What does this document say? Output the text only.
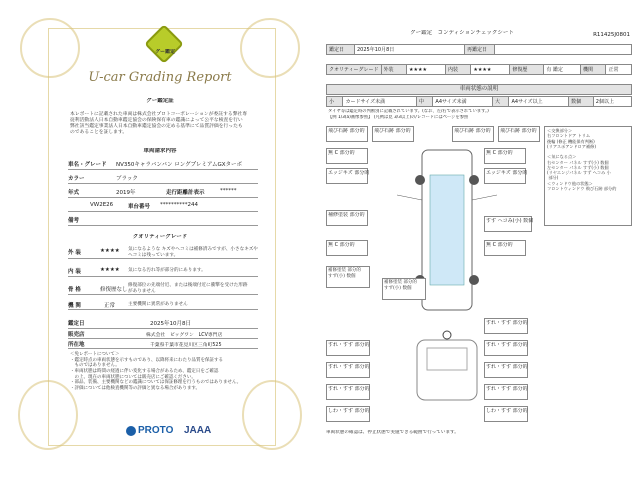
グー鑑定
U-car Grading Report
グー鑑定証
本レポートに記載された車両は株式会社プロトコーポレーションが委託する弊社専
従利活動法人日本自動車鑑定協会の保険保有車の鑑識によって公平な検査を行い
弊社該当鑑定事業法人日本自動車鑑定協会の定める基準にて品質評価を行ったも
のであることを証します。
車両請求内容
車名・グレード NV350キャラバンバン ロングプレミアムGXターボ
カラー	ブラック
年式	2019年	走行距離計表示	******
VW2E26	車台番号 **********244
備考
クオリティーグレード
外 装	★★★★ 気になるような キズやヘコミは補修済みですが、小さなキズや
ヘコミは残っています。
内 装	★★★★ 気になる汚れ等が部分的にあります。
骨 格	修復歴なし
修復部位の先端付近、または後端付近に衝撃を受けた形跡
がありません
機 関	正常	主要機関に異常がありません
鑑定日	2025年10月8日
販売店	株式会社　ビッグワン　LCV専門店
所在地	千葉県千葉市花見川区三角町525
＜免レポートについて＞
・鑑定時点の車両状態を示すものであり、以降将来にわたり品質を保証する
　ものではありません。
・車両状態は時間の経過に伴い変化する場合があるため、鑑定日をご確認
　の上、現在の車両状態については販売店にご確認ください。
・部品、装備、主要機関などの鑑識については保証修理を行うものではありません。
・評価については他検査機関等の評価と異なる場合があります。
PROTO JAAA
グー鑑定　コンディションチェックシート	R11425J0801
鑑定日	2025年10月8日	再鑑定日	
クオリティーグレード	外装	★★★★	内装	★★★★	修復歴	有 鑑定	機関	正常
車両状態の説明
小	カードサイズ未満	中	A4サイズ未満	大	A4サイズ以上	数個	2個以上
タイヤ等は鑑定時の判断別に記載されています。(なお、左/右で表示されています。)
【例 1/3(a)画像参照】 (凡例は見 3/3以上)の/レコードにはページを参照
飛び石跡 部分的 飛び石跡 部分的	飛び石跡 部分的 飛び石跡 部分的
無 C 部分的
エッジキズ 部分的
無 C 部分的
エッジキズ 部分的
補修塗装 部分的
無 C 部分的
すず ヘコみ(小) 数個
無 C 部分的
補修塗装 部分的
すず(小) 数個
補修塗装 部分的
すず(小) 数個
すれ・すず 部分的
すれ・すず 部分的	すれ・すず 部分的
すれ・すず 部分的	すれ・すず 部分的
すれ・すず 部分的	すれ・すず 部分的
しわ・すず 部分的	しわ・すず 部分的
＜交換部分＞
右フロントドア トリム
後輪 (修正 機能保有判断)
(リアスポアンドロア補修)

＜気になる点＞
右センター パネル すず(小) 数個
左センター パネル すず(小) 数個
(リヤエンジパネル すず ヘコみ 小
部分)
＜ウィンドウ他の状態＞
フロントウィンドウ 飛び石跡 部分的
車両状態の確認は、停止状態で実施できる範囲で行っています。
